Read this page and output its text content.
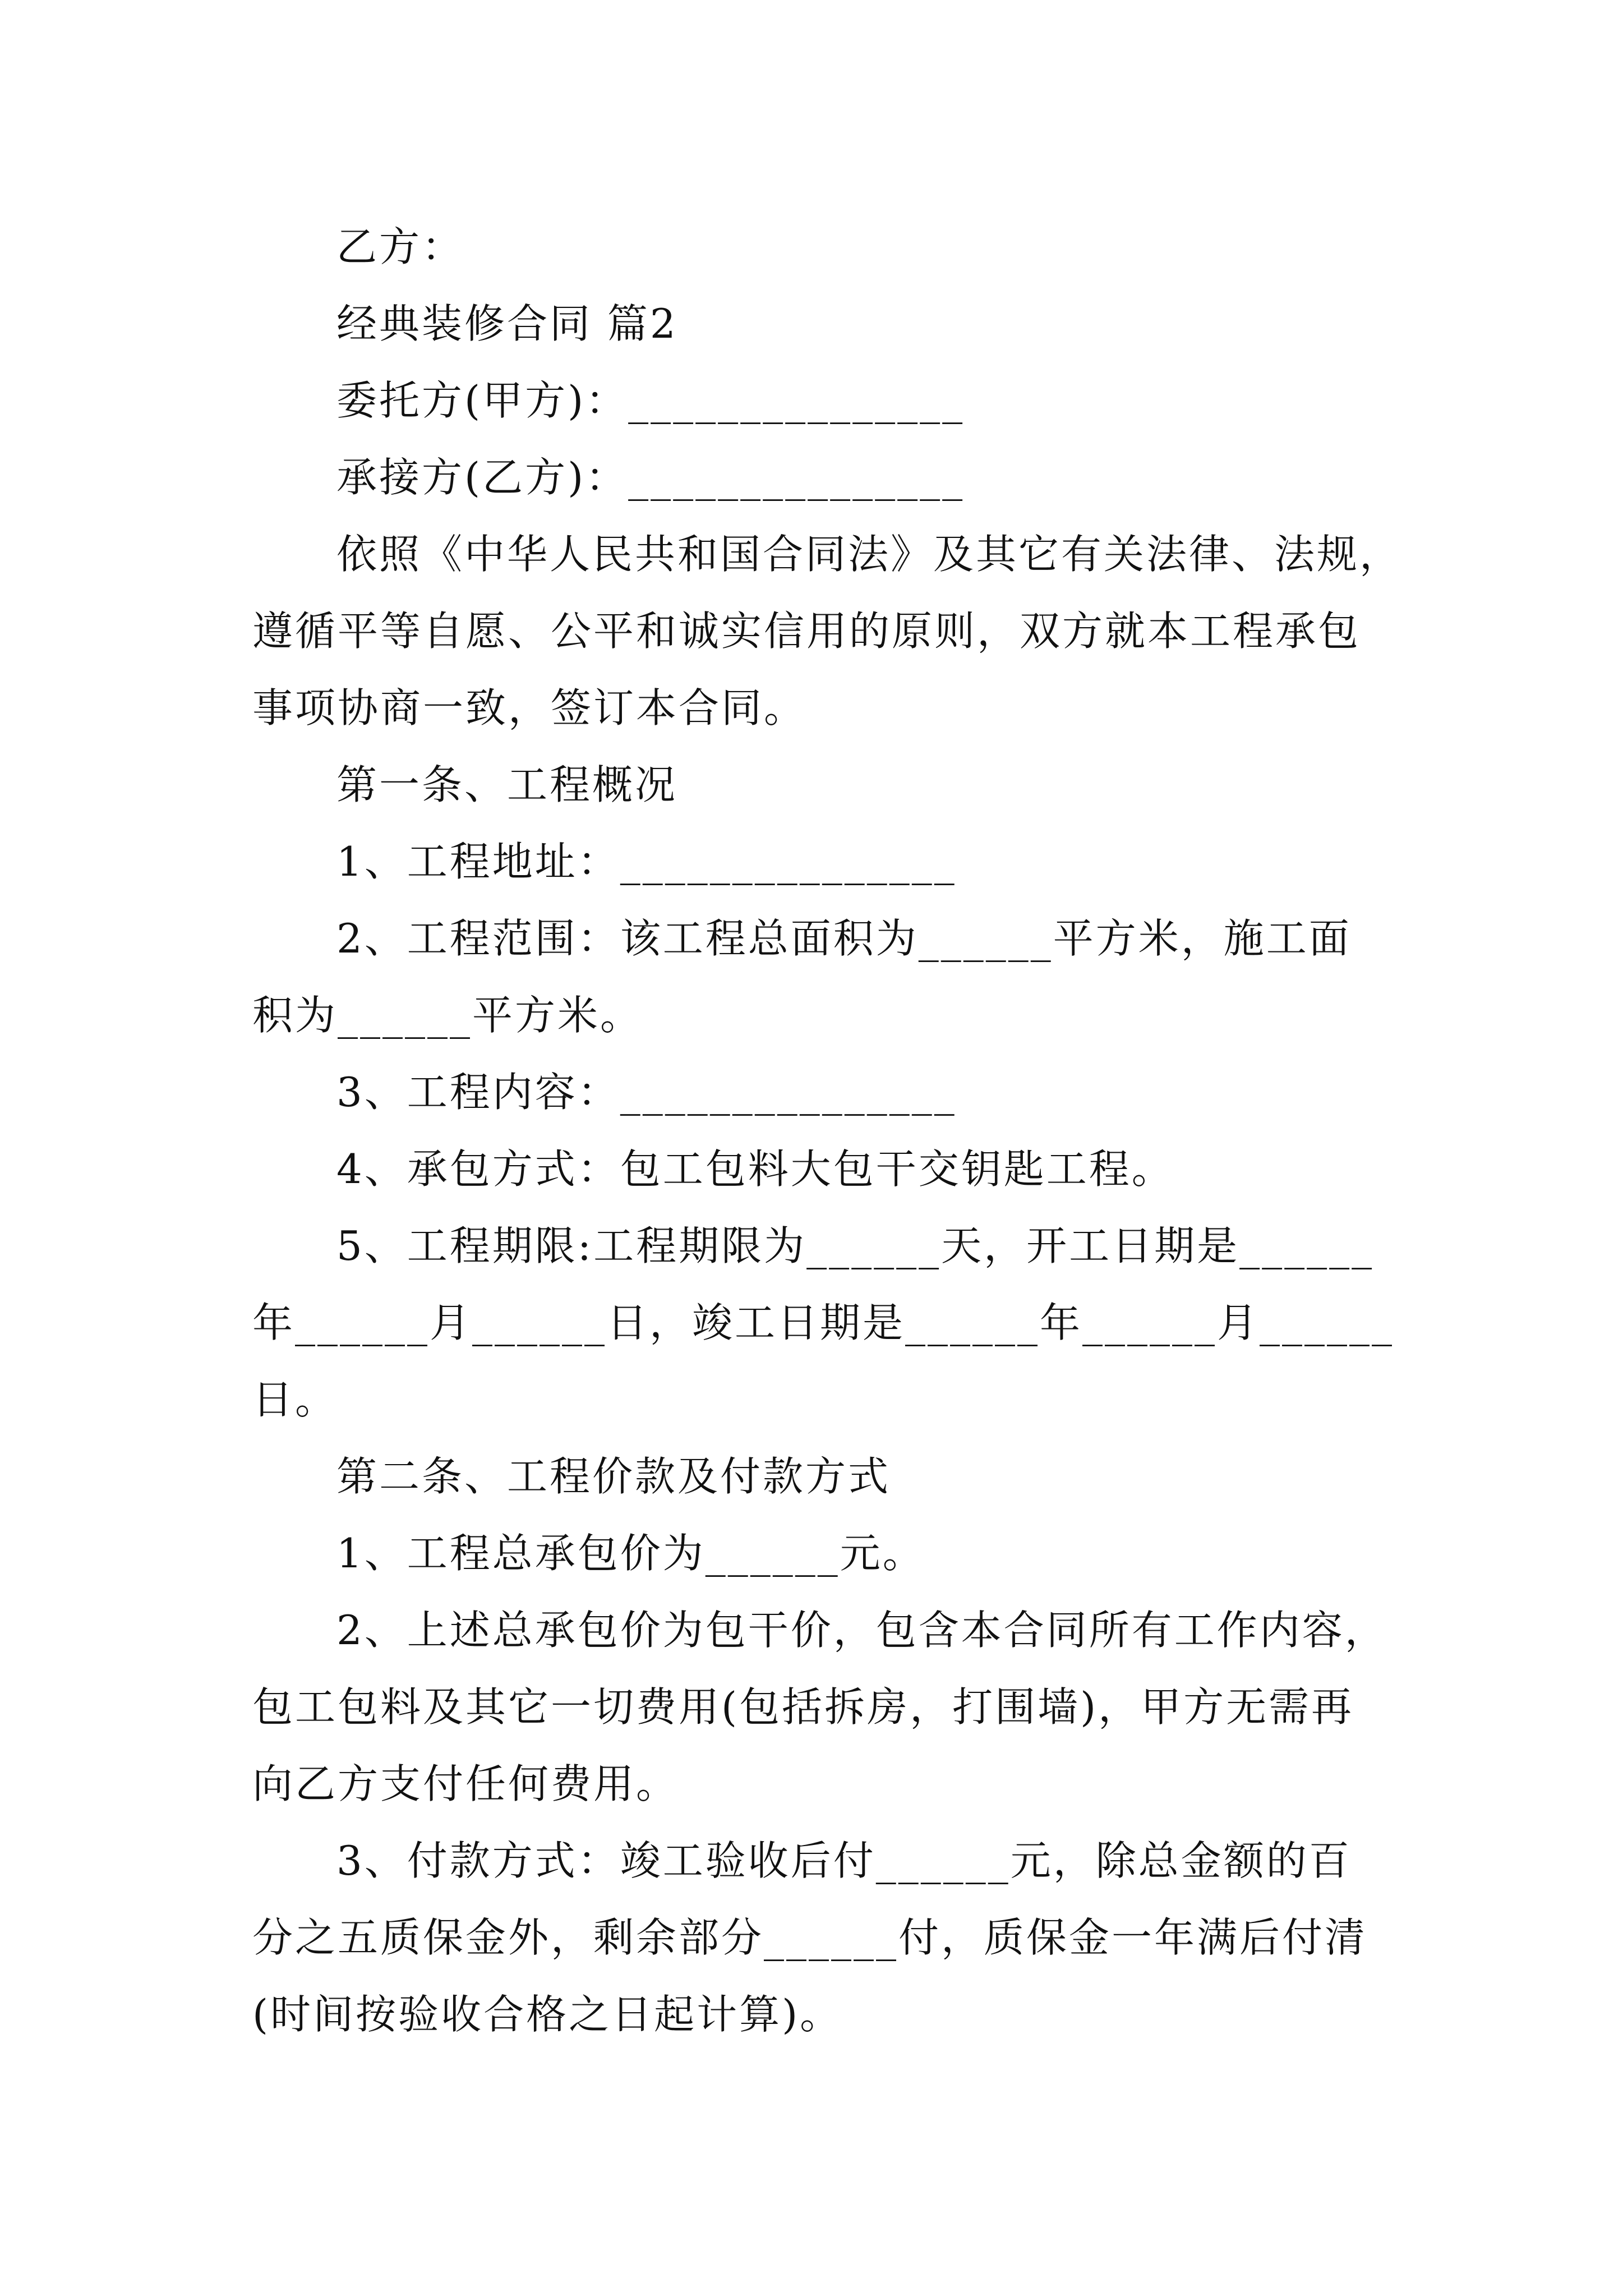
乙方：
经典装修合同 篇2
委托方(甲方)：_______________
承接方(乙方)：_______________
依照《中华人民共和国合同法》及其它有关法律、法规，
遵循平等自愿、公平和诚实信用的原则，双方就本工程承包
事项协商一致，签订本合同。
第一条、工程概况
1、工程地址：_______________
2、工程范围：该工程总面积为______平方米，施工面
积为______平方米。
3、工程内容：_______________
4、承包方式：包工包料大包干交钥匙工程。
5、工程期限:工程期限为______天，开工日期是______
年______月______日，竣工日期是______年______月______
日。
第二条、工程价款及付款方式
1、工程总承包价为______元。
2、上述总承包价为包干价，包含本合同所有工作内容，
包工包料及其它一切费用(包括拆房，打围墙)，甲方无需再
向乙方支付任何费用。
3、付款方式：竣工验收后付______元，除总金额的百
分之五质保金外，剩余部分______付，质保金一年满后付清
(时间按验收合格之日起计算)。
